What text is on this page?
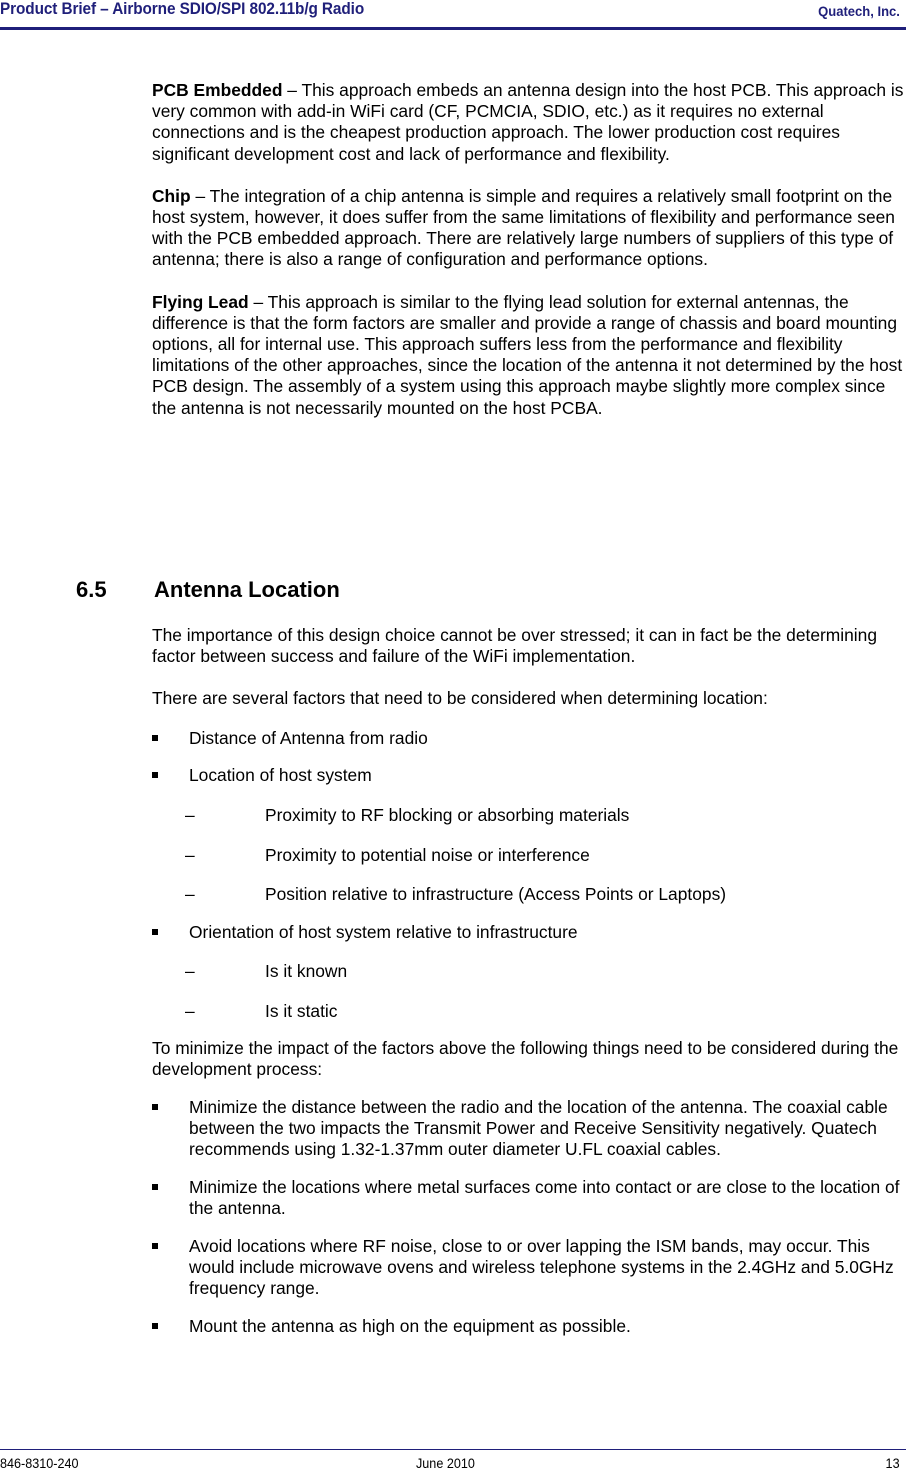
Product Brief – Airborne SDIO/SPI 802.11b/g Radio	Quatech, Inc.

PCB Embedded – This approach embeds an antenna design into the host PCB. This approach is very common with add-in WiFi card (CF, PCMCIA, SDIO, etc.) as it requires no external connections and is the cheapest production approach. The lower production cost requires significant development cost and lack of performance and flexibility.

Chip – The integration of a chip antenna is simple and requires a relatively small footprint on the host system, however, it does suffer from the same limitations of flexibility and performance seen with the PCB embedded approach. There are relatively large numbers of suppliers of this type of antenna; there is also a range of configuration and performance options.

Flying Lead – This approach is similar to the flying lead solution for external antennas, the difference is that the form factors are smaller and provide a range of chassis and board mounting options, all for internal use. This approach suffers less from the performance and flexibility limitations of the other approaches, since the location of the antenna it not determined by the host PCB design. The assembly of a system using this approach maybe slightly more complex since the antenna is not necessarily mounted on the host PCBA.

6.5 Antenna Location

The importance of this design choice cannot be over stressed; it can in fact be the determining factor between success and failure of the WiFi implementation.

There are several factors that need to be considered when determining location:

Distance of Antenna from radio
Location of host system
–	Proximity to RF blocking or absorbing materials
–	Proximity to potential noise or interference
–	Position relative to infrastructure (Access Points or Laptops)
Orientation of host system relative to infrastructure
–	Is it known
–	Is it static

To minimize the impact of the factors above the following things need to be considered during the development process:

Minimize the distance between the radio and the location of the antenna. The coaxial cable between the two impacts the Transmit Power and Receive Sensitivity negatively. Quatech recommends using 1.32-1.37mm outer diameter U.FL coaxial cables.
Minimize the locations where metal surfaces come into contact or are close to the location of the antenna.
Avoid locations where RF noise, close to or over lapping the ISM bands, may occur. This would include microwave ovens and wireless telephone systems in the 2.4GHz and 5.0GHz frequency range.
Mount the antenna as high on the equipment as possible.
846-8310-240	June 2010	13
